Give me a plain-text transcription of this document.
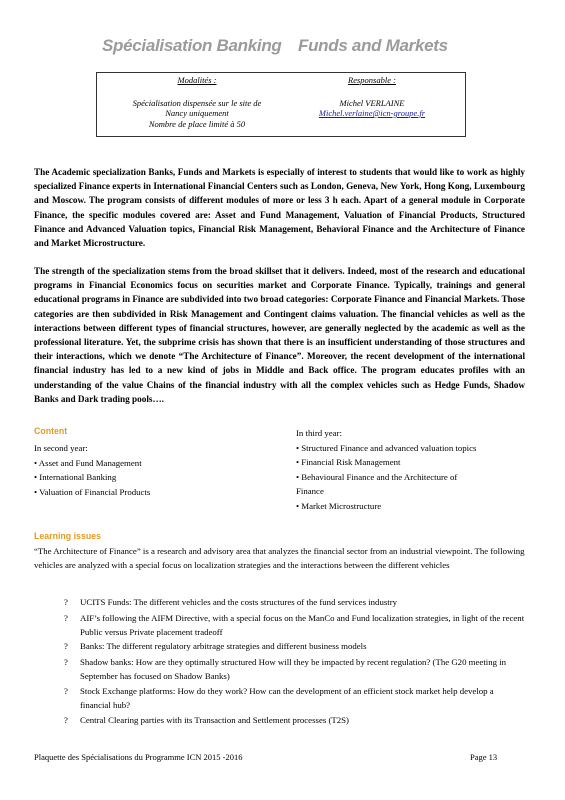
Spécialisation Banking Funds and Markets
Modalités :
Spécialisation dispensée sur le site de
Nancy uniquement
Nombre de place limité à 50
Responsable :
Michel VERLAINE
Michel.verlaine@icn-groupe.fr

The Academic specialization Banks, Funds and Markets is especially of interest to students that would like to work as highly specialized Finance experts in International Financial Centers such as London, Geneva, New York, Hong Kong, Luxembourg and Moscow. The program consists of different modules of more or less 3 h each. Apart of a general module in Corporate Finance, the specific modules covered are: Asset and Fund Management, Valuation of Financial Products, Structured Finance and Advanced Valuation topics, Financial Risk Management, Behavioral Finance and the Architecture of Finance and Market Microstructure.

The strength of the specialization stems from the broad skillset that it delivers. Indeed, most of the research and educational programs in Financial Economics focus on securities market and Corporate Finance. Typically, trainings and general educational programs in Finance are subdivided into two broad categories: Corporate Finance and Financial Markets. Those categories are then subdivided in Risk Management and Contingent claims valuation. The financial vehicles as well as the interactions between different types of financial structures, however, are generally neglected by the academic as well as the professional literature. Yet, the subprime crisis has shown that there is an insufficient understanding of those structures and their interactions, which we denote “The Architecture of Finance”. Moreover, the recent development of the international financial industry has led to a new kind of jobs in Middle and Back office. The program educates profiles with an understanding of the value Chains of the financial industry with all the complex vehicles such as Hedge Funds, Shadow Banks and Dark trading pools….

Content
In second year:
• Asset and Fund Management
• International Banking
• Valuation of Financial Products
In third year:
• Structured Finance and advanced valuation topics
• Financial Risk Management
• Behavioural Finance and the Architecture of
Finance
• Market Microstructure
Learning issues
“The Architecture of Finance” is a research and advisory area that analyzes the financial sector from an industrial viewpoint. The following vehicles are analyzed with a special focus on localization strategies and the interactions between the different vehicles
? UCITS Funds: The different vehicles and the costs structures of the fund services industry
? AIF’s following the AIFM Directive, with a special focus on the ManCo and Fund localization strategies, in light of the recent Public versus Private placement tradeoff
? Banks: The different regulatory arbitrage strategies and different business models
? Shadow banks: How are they optimally structured How will they be impacted by recent regulation? (The G20 meeting in September has focused on Shadow Banks)
? Stock Exchange platforms: How do they work? How can the development of an efficient stock market help develop a financial hub?
? Central Clearing parties with its Transaction and Settlement processes (T2S)
Plaquette des Spécialisations du Programme ICN 2015 -2016	Page 13
